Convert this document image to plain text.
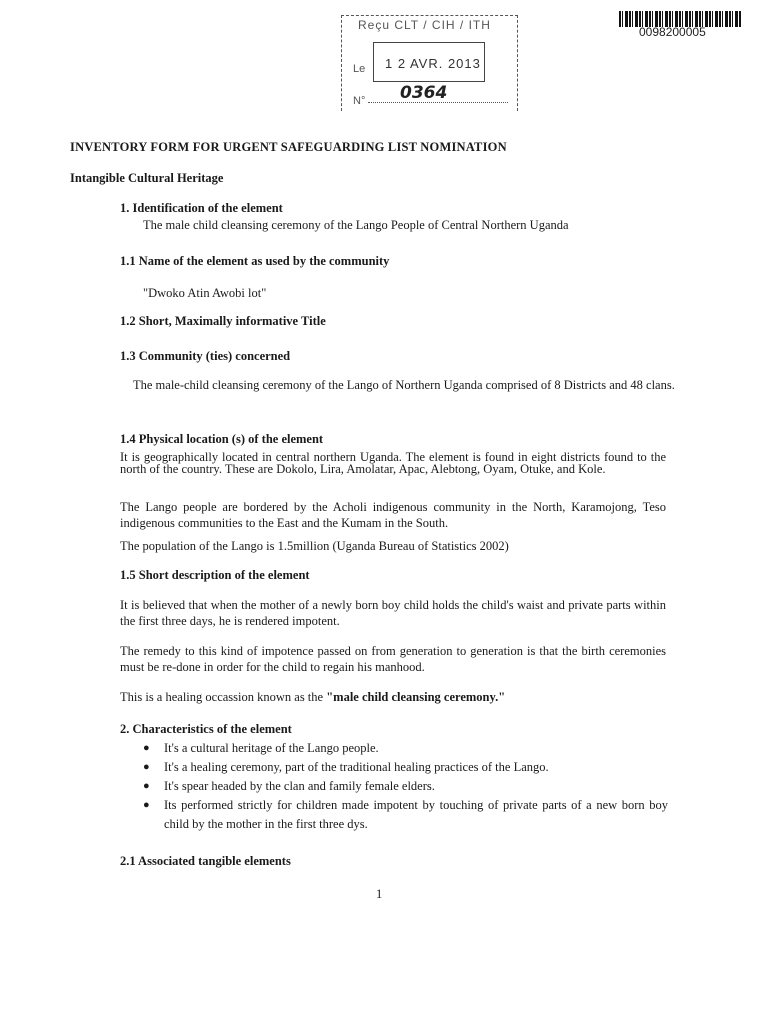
Reçu CLT / CIH / ITH
Le 1 2 AVR. 2013
N° 0364
0098200005
INVENTORY FORM FOR URGENT SAFEGUARDING LIST NOMINATION
Intangible Cultural Heritage
1. Identification of the element
The male child cleansing ceremony of the Lango People of Central Northern Uganda
1.1 Name of the element as used by the community
"Dwoko Atin Awobi lot"
1.2 Short, Maximally informative Title
1.3 Community (ties) concerned
The male-child cleansing ceremony of the Lango of Northern Uganda comprised of 8 Districts and 48 clans.
1.4 Physical location (s) of the element
It is geographically located in central northern Uganda. The element is found in eight districts found to the north of the country. These are Dokolo, Lira, Amolatar, Apac, Alebtong, Oyam, Otuke, and Kole.
The Lango people are bordered by the Acholi indigenous community in the North, Karamojong, Teso indigenous communities to the East and the Kumam in the South.
The population of the Lango is 1.5million (Uganda Bureau of Statistics 2002)
1.5 Short description of the element
It is believed that when the mother of a newly born boy child holds the child's waist and private parts within the first three days, he is rendered impotent.
The remedy to this kind of impotence passed on from generation to generation is that the birth ceremonies must be re-done in order for the child to regain his manhood.
This is a healing occassion known as the "male child cleansing ceremony."
2. Characteristics of the element
● It's a cultural heritage of the Lango people.
● It's a healing ceremony, part of the traditional healing practices of the Lango.
● It's spear headed by the clan and family female elders.
● Its performed strictly for children made impotent by touching of private parts of a new born boy child by the mother in the first three dys.
2.1 Associated tangible elements
1
